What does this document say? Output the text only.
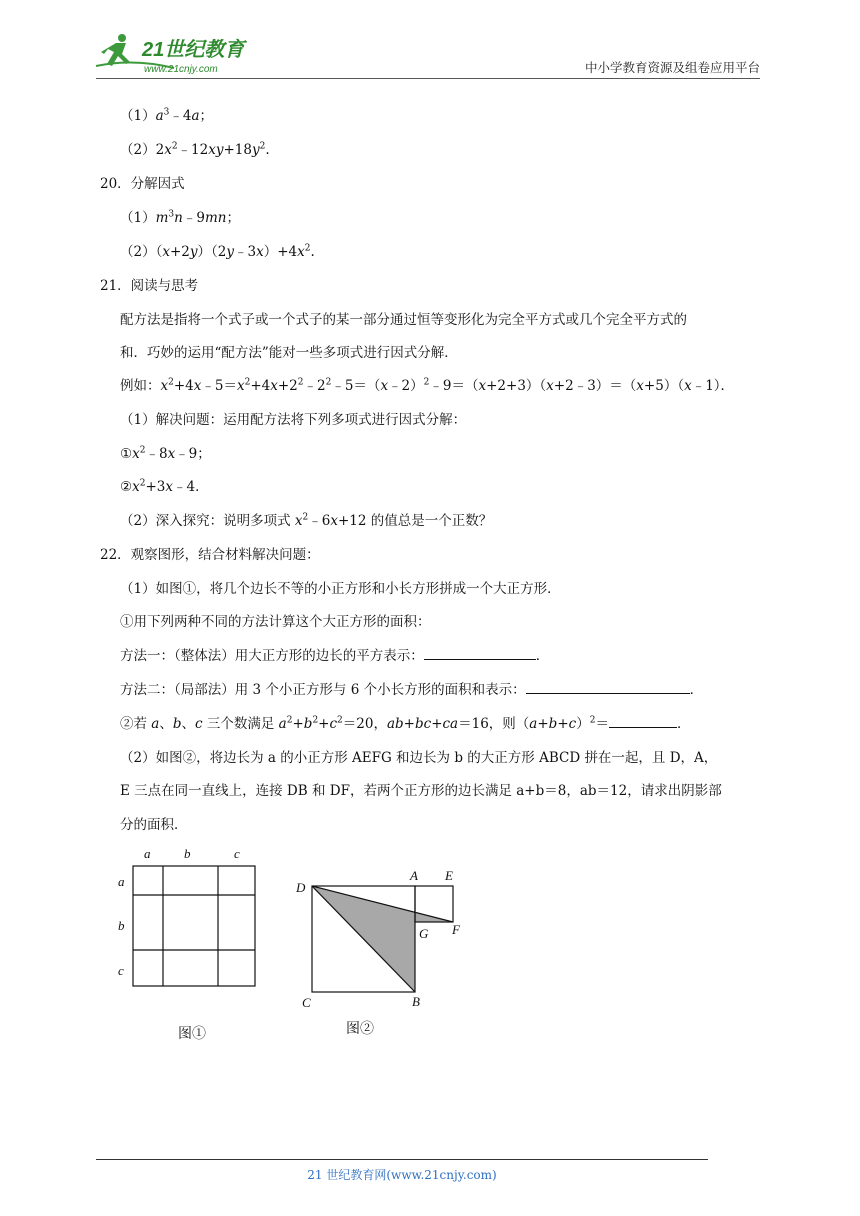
21世纪教育
www.21cnjy.com	中小学教育资源及组卷应用平台
$(1)a^3﹣4a$；
$(2)2x^2﹣12xy+18y^2$.
20．分解因式
$(1)m^3n﹣9mn$；
$(2)(x+2y)(2y﹣3x)+4x^2$.
21．阅读与思考
配方法是指将一个式子或一个式子的某一部分通过恒等变形化为完全平方式或几个完全平方式的
和．巧妙的运用“配方法”能对一些多项式进行因式分解．
例如：$x^2+4x﹣5=x^2+4x+2^2﹣2^2﹣5=(x﹣2)^2﹣9=(x+2+3)(x+2﹣3)=(x+5)(x﹣1)$．
（1）解决问题：运用配方法将下列多项式进行因式分解：
$①x^2﹣8x﹣9$；
$②x^2+3x﹣4$．
（2）深入探究：说明多项式 $x^2﹣6x+12$ 的值总是一个正数？
22．观察图形，结合材料解决问题：
（1）如图①，将几个边长不等的小正方形和小长方形拼成一个大正方形．
①用下列两种不同的方法计算这个大正方形的面积：
方法一：（整体法）用大正方形的边长的平方表示：	．
方法二：（局部法）用 3 个小正方形与 6 个小长方形的面积和表示：	．
②若 a、b、c 三个数满足 $a^2+b^2+c^2=20$，ab+bc+ca＝16，则$(a+b+c)^2=$	．
（2）如图②，将边长为 a 的小正方形 AEFG 和边长为 b 的大正方形 ABCD 拼在一起，且 D，A，
E 三点在同一直线上，连接 DB 和 DF，若两个正方形的边长满足 a+b＝8，ab＝12，请求出阴影部
分的面积．
a	b	c
a
b
c
图①
A E
D
G F
C	B
图②
21 世纪教育网(www.21cnjy.com)
